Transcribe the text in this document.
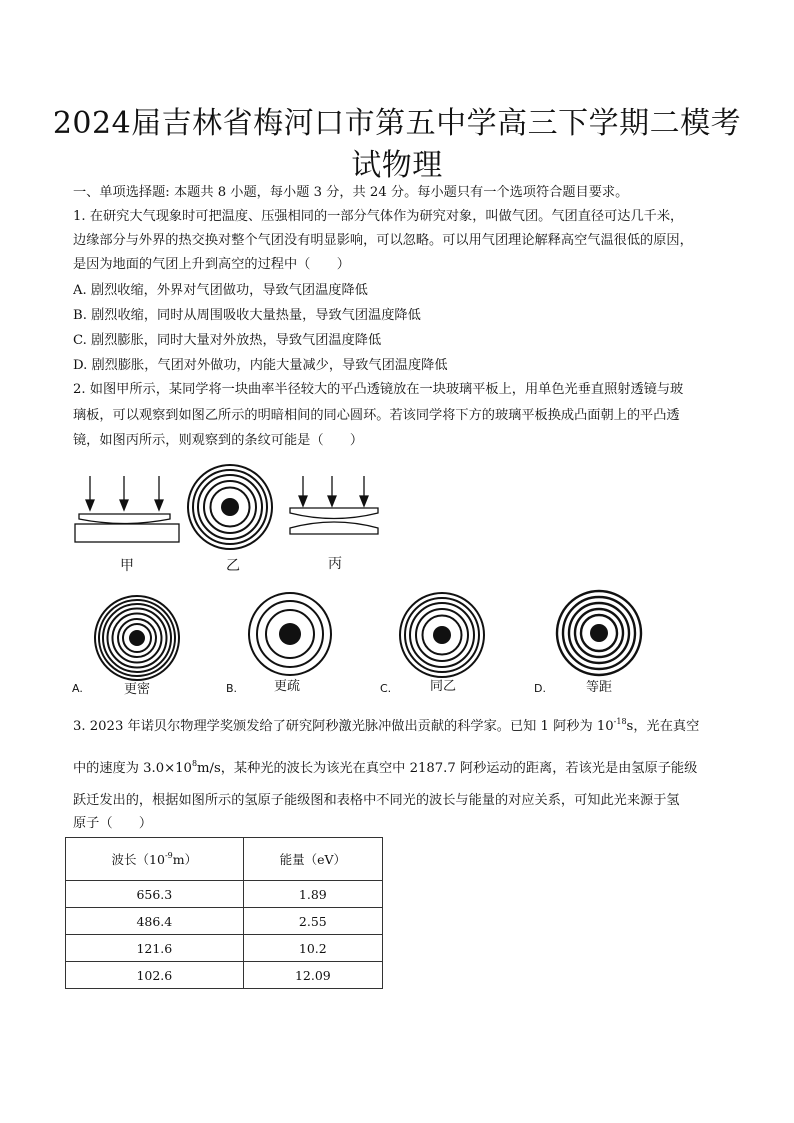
2024届吉林省梅河口市第五中学高三下学期二模考
试物理
一、单项选择题: 本题共 8 小题，每小题 3 分，共 24 分。每小题只有一个选项符合题目要求。
1. 在研究大气现象时可把温度、压强相同的一部分气体作为研究对象，叫做气团。气团直径可达几千米，
边缘部分与外界的热交换对整个气团没有明显影响，可以忽略。可以用气团理论解释高空气温很低的原因，
是因为地面的气团上升到高空的过程中（　　）
A. 剧烈收缩，外界对气团做功，导致气团温度降低
B. 剧烈收缩，同时从周围吸收大量热量，导致气团温度降低
C. 剧烈膨胀，同时大量对外放热，导致气团温度降低
D. 剧烈膨胀，气团对外做功，内能大量减少，导致气团温度降低
2. 如图甲所示，某同学将一块曲率半径较大的平凸透镜放在一块玻璃平板上，用单色光垂直照射透镜与玻
璃板，可以观察到如图乙所示的明暗相间的同心圆环。若该同学将下方的玻璃平板换成凸面朝上的平凸透
镜，如图丙所示，则观察到的条纹可能是（　　）
甲	乙	丙
A.	更密	B.	更疏	C.	同乙	D.	等距
3. 2023 年诺贝尔物理学奖颁发给了研究阿秒激光脉冲做出贡献的科学家。已知 1 阿秒为 $10^{-18}s$，光在真空
中的速度为 $3.0\times 10^8m/s$，某种光的波长为该光在真空中 2187.7 阿秒运动的距离，若该光是由氢原子能级
跃迁发出的，根据如图所示的氢原子能级图和表格中不同光的波长与能量的对应关系，可知此光来源于氢
原子（　　）
波长$(10^{-9}m)$	能量（eV）
656.3	1.89
486.4	2.55
121.6	10.2
102.6	12.09
